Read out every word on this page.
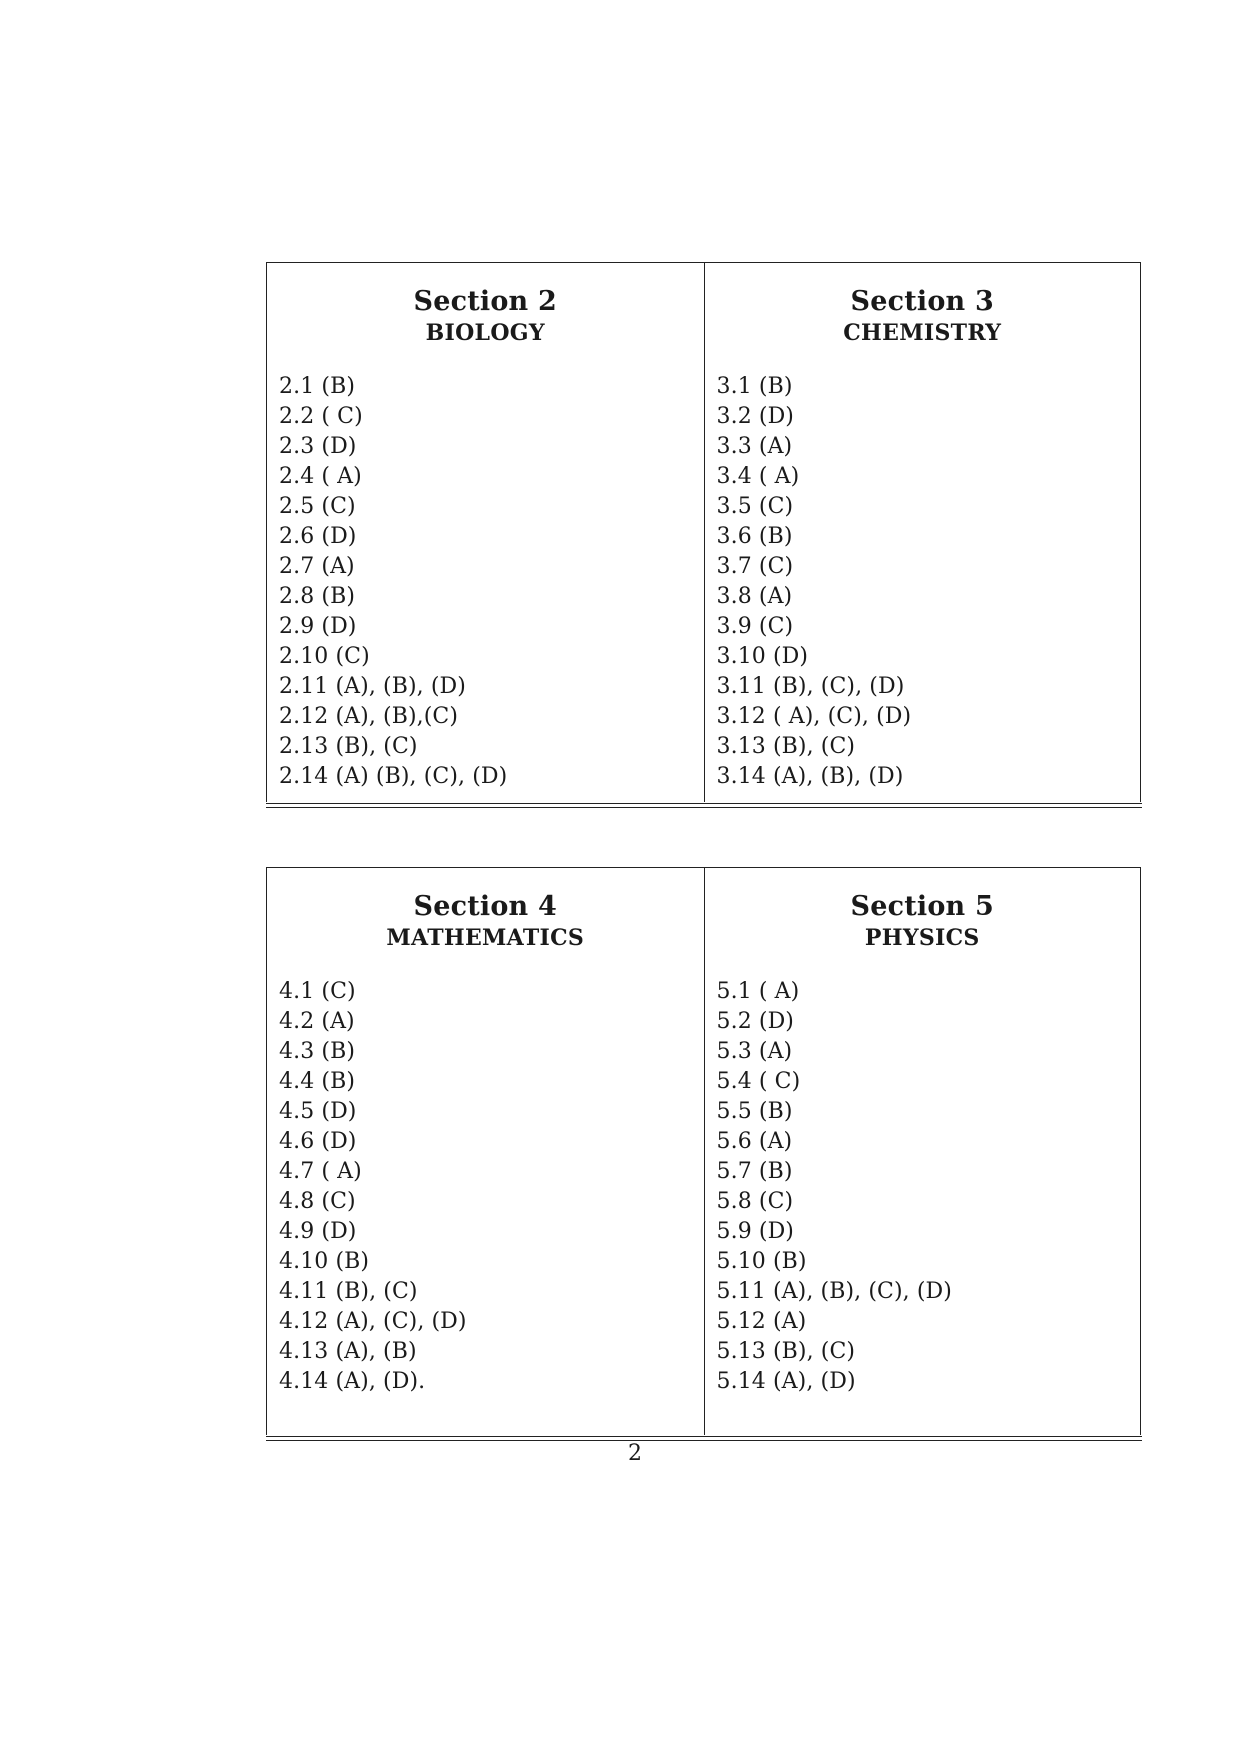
Section 2
BIOLOGY
2.1 (B)
2.2 ( C)
2.3 (D)
2.4 ( A)
2.5 (C)
2.6 (D)
2.7 (A)
2.8 (B)
2.9 (D)
2.10 (C)
2.11 (A), (B), (D)
2.12 (A), (B),(C)
2.13 (B), (C)
2.14 (A) (B), (C), (D)
Section 3
CHEMISTRY
3.1 (B)
3.2 (D)
3.3 (A)
3.4 ( A)
3.5 (C)
3.6 (B)
3.7 (C)
3.8 (A)
3.9 (C)
3.10 (D)
3.11 (B), (C), (D)
3.12 ( A), (C), (D)
3.13 (B), (C)
3.14 (A), (B), (D)
Section 4
MATHEMATICS
4.1 (C)
4.2 (A)
4.3 (B)
4.4 (B)
4.5 (D)
4.6 (D)
4.7 ( A)
4.8 (C)
4.9 (D)
4.10 (B)
4.11 (B), (C)
4.12 (A), (C), (D)
4.13 (A), (B)
4.14 (A), (D).
Section 5
PHYSICS
5.1 ( A)
5.2 (D)
5.3 (A)
5.4 ( C)
5.5 (B)
5.6 (A)
5.7 (B)
5.8 (C)
5.9 (D)
5.10 (B)
5.11 (A), (B), (C), (D)
5.12 (A)
5.13 (B), (C)
5.14 (A), (D)
2
